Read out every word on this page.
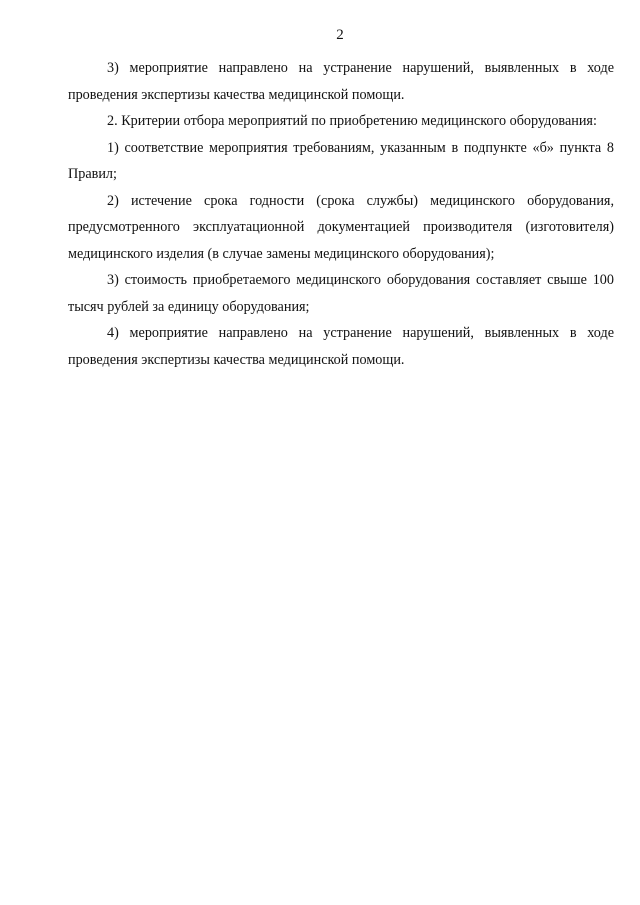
2

3) мероприятие направлено на устранение нарушений, выявленных в ходе проведения экспертизы качества медицинской помощи.

2. Критерии отбора мероприятий по приобретению медицинского оборудования:

1) соответствие мероприятия требованиям, указанным в подпункте «б» пункта 8 Правил;

2) истечение срока годности (срока службы) медицинского оборудования, предусмотренного эксплуатационной документацией производителя (изготовителя) медицинского изделия (в случае замены медицинского оборудования);

3) стоимость приобретаемого медицинского оборудования составляет свыше 100 тысяч рублей за единицу оборудования;

4) мероприятие направлено на устранение нарушений, выявленных в ходе проведения экспертизы качества медицинской помощи.
